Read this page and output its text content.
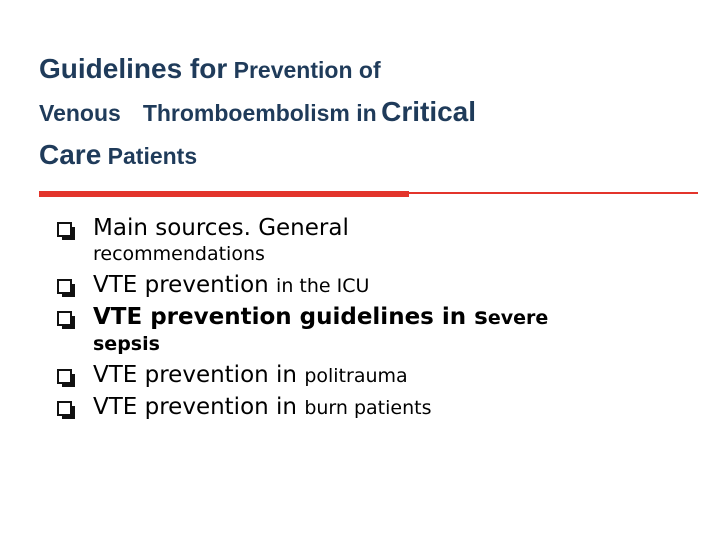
Guidelines for Prevention of
Venous Thromboembolism in Critical
Care Patients
Main sources. General
recommendations
VTE prevention in the ICU
VTE prevention guidelines in severe
sepsis
VTE prevention in politrauma
VTE prevention in burn patients
